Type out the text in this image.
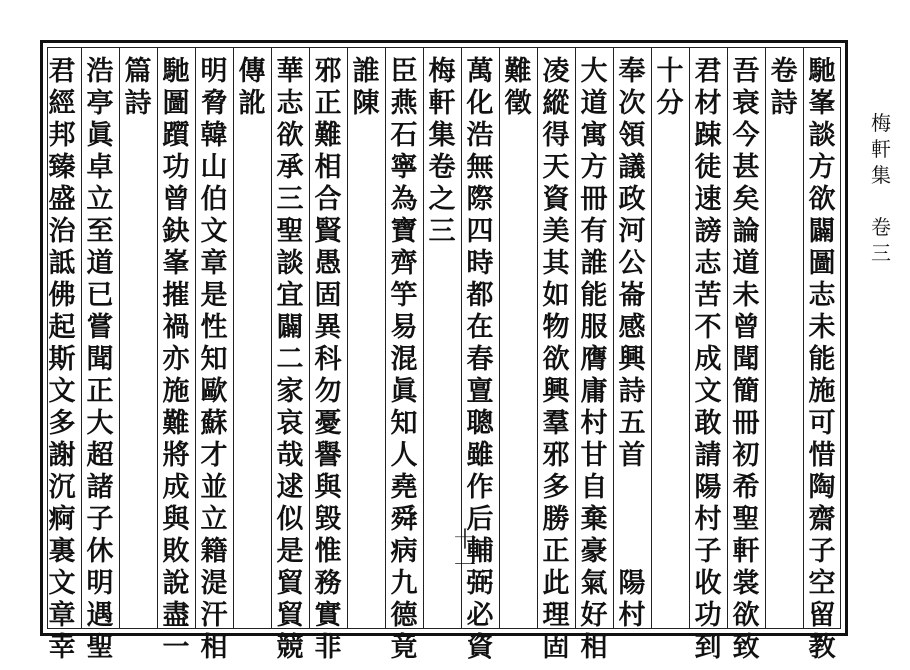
馳
峯
談
方
欲
闢
圖
志
未
能
施
可
惜
陶
齋
子
空
留
教
卷
詩
吾
衰
今
甚
矣
論
道
未
曾
聞
簡
冊
初
希
聖
軒
裳
欲
致
君
材
踈
徒
速
謗
志
苦
不
成
文
敢
請
陽
村
子
收
功
到
十
分
奉
次
領
議
政
河
公
崙
感
興
詩
五
首
陽
村
大
道
寓
方
冊
有
誰
能
服
膺
庸
村
甘
自
棄
豪
氣
好
相
凌
縱
得
天
資
美
其
如
物
欲
興
羣
邪
多
勝
正
此
理
固
難
徵
萬
化
浩
無
際
四
時
都
在
春
亶
聰
雖
作
后
輔
弼
必
資
梅
軒
集
卷
之
三
臣
燕
石
寧
為
寶
齊
竽
易
混
眞
知
人
堯
舜
病
九
德
竟
誰
陳
邪
正
難
相
合
賢
愚
固
異
科
勿
憂
譽
與
毀
惟
務
實
非
華
志
欲
承
三
聖
談
宜
闢
二
家
哀
哉
逑
似
是
貿
貿
競
傳
訛
明
脅
韓
山
伯
文
章
是
性
知
歐
蘇
才
並
立
籍
湜
汗
相
馳
圖
躓
功
曾
鈌
峯
摧
禍
亦
施
難
將
成
與
敗
說
盡
一
篇
詩
浩
亭
眞
卓
立
至
道
已
嘗
聞
正
大
超
諸
子
休
明
遇
聖
君
經
邦
臻
盛
治
詆
佛
起
斯
文
多
謝
沉
痾
裏
文
章
幸
梅
軒
集
卷
三
十
一
